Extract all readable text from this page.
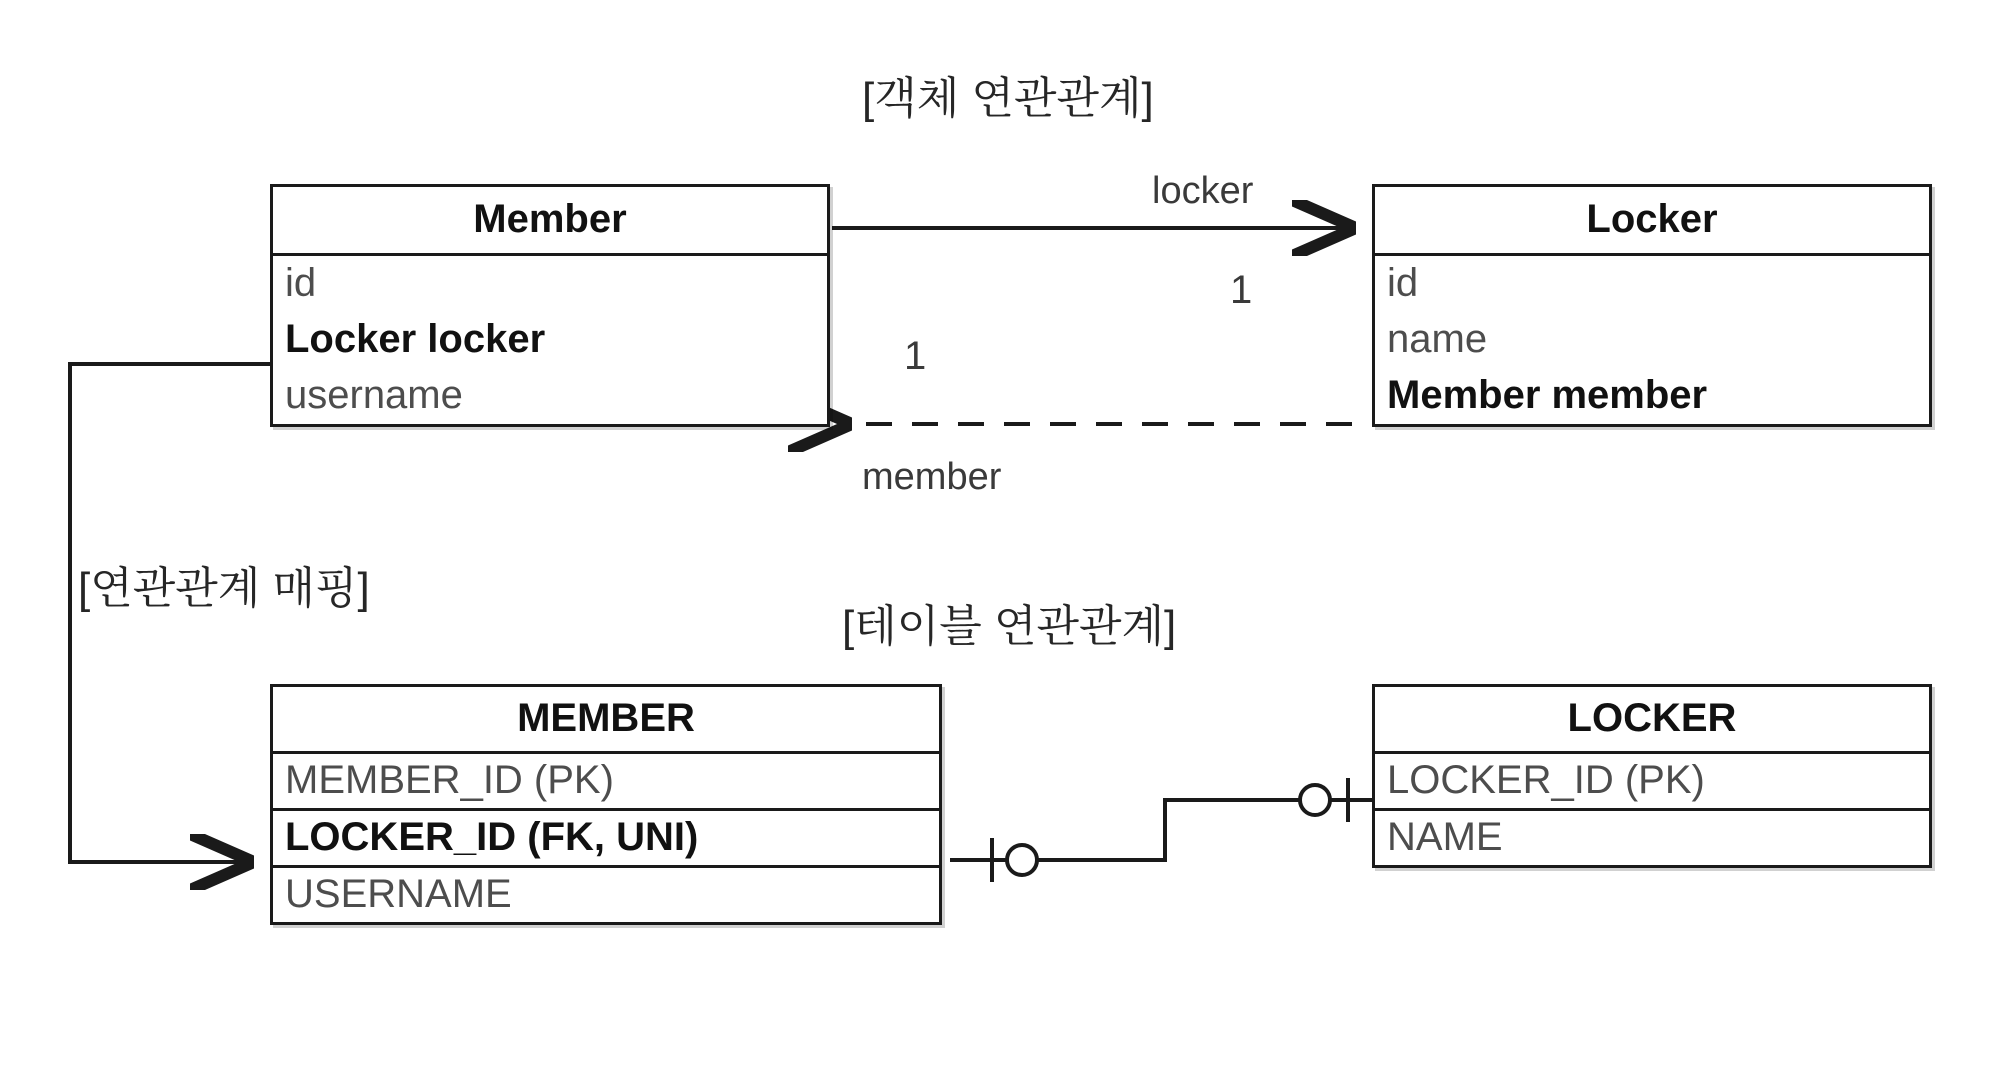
[객체 연관관계]
[연관관계 매핑]
[테이블 연관관계]
Member
id
Locker locker
username
Locker
id
name
Member member
locker
1
1
member
MEMBER
MEMBER_ID (PK)
LOCKER_ID (FK, UNI)
USERNAME
LOCKER
LOCKER_ID (PK)
NAME
